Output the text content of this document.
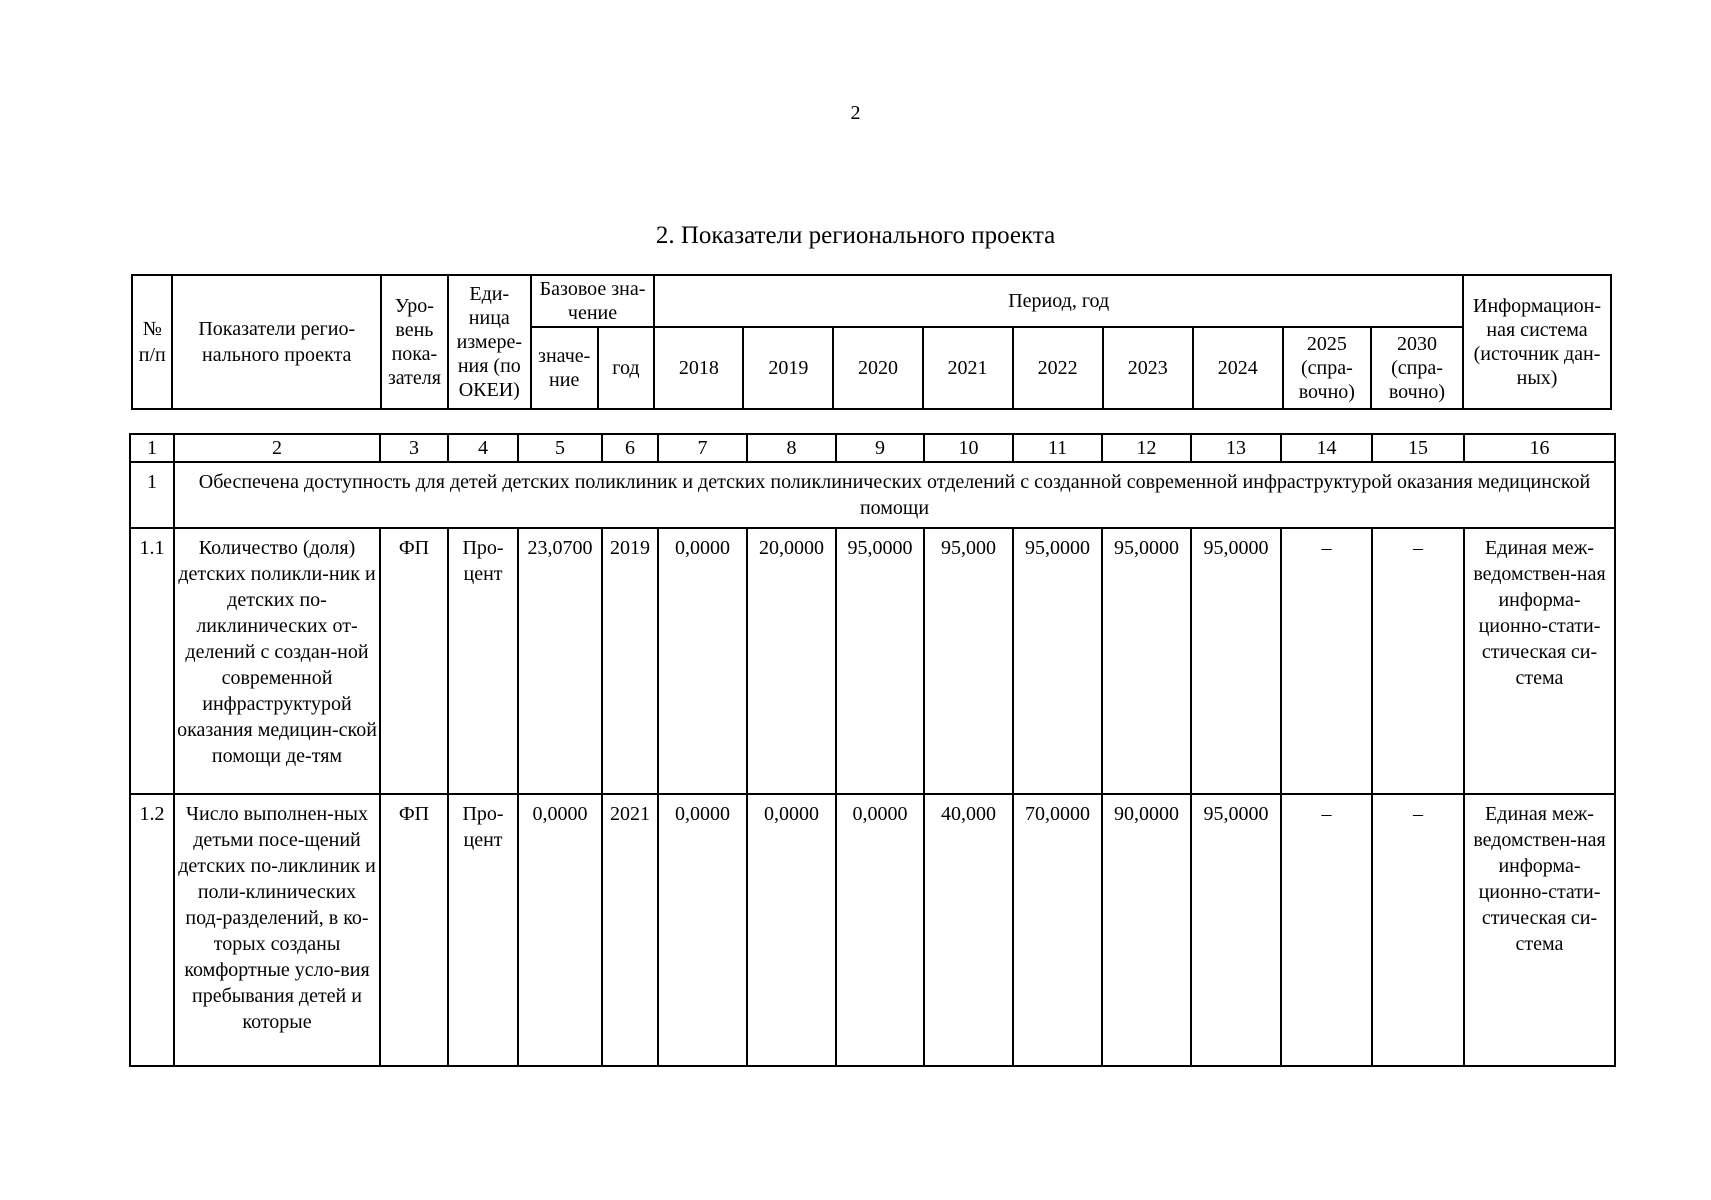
2
2. Показатели регионального проекта
№ п/п	Показатели регио-нального проекта	Уро-вень пока-зателя	Еди-ница измере-ния (по ОКЕИ)	Базовое зна-чение		Период, год									Информацион-ная система (источник дан-ных)
				значе-ние	год	2018	2019	2020	2021	2022	2023	2024	2025 (спра-вочно)	2030 (спра-вочно)	
1	2	3	4	5	6	7	8	9	10	11	12	13	14	15	16
1	Обеспечена доступность для детей детских поликлиник и детских поликлинических отделений с созданной современной инфраструктурой оказания медицинской помощи														
1.1	Количество (доля) детских поликли-ник и детских по-ликлинических от-делений с создан-ной современной инфраструктурой оказания медицин-ской помощи де-тям	ФП	Про-цент	23,0700	2019	0,0000	20,0000	95,0000	95,000	95,0000	95,0000	95,0000	–	–	Единая меж-ведомствен-ная информа-ционно-стати-стическая си-стема
1.2	Число выполнен-ных детьми посе-щений детских по-ликлиник и поли-клинических под-разделений, в ко-торых созданы комфортные усло-вия пребывания детей и которые	ФП	Про-цент	0,0000	2021	0,0000	0,0000	0,0000	40,000	70,0000	90,0000	95,0000	–	–	Единая меж-ведомствен-ная информа-ционно-стати-стическая си-стема
